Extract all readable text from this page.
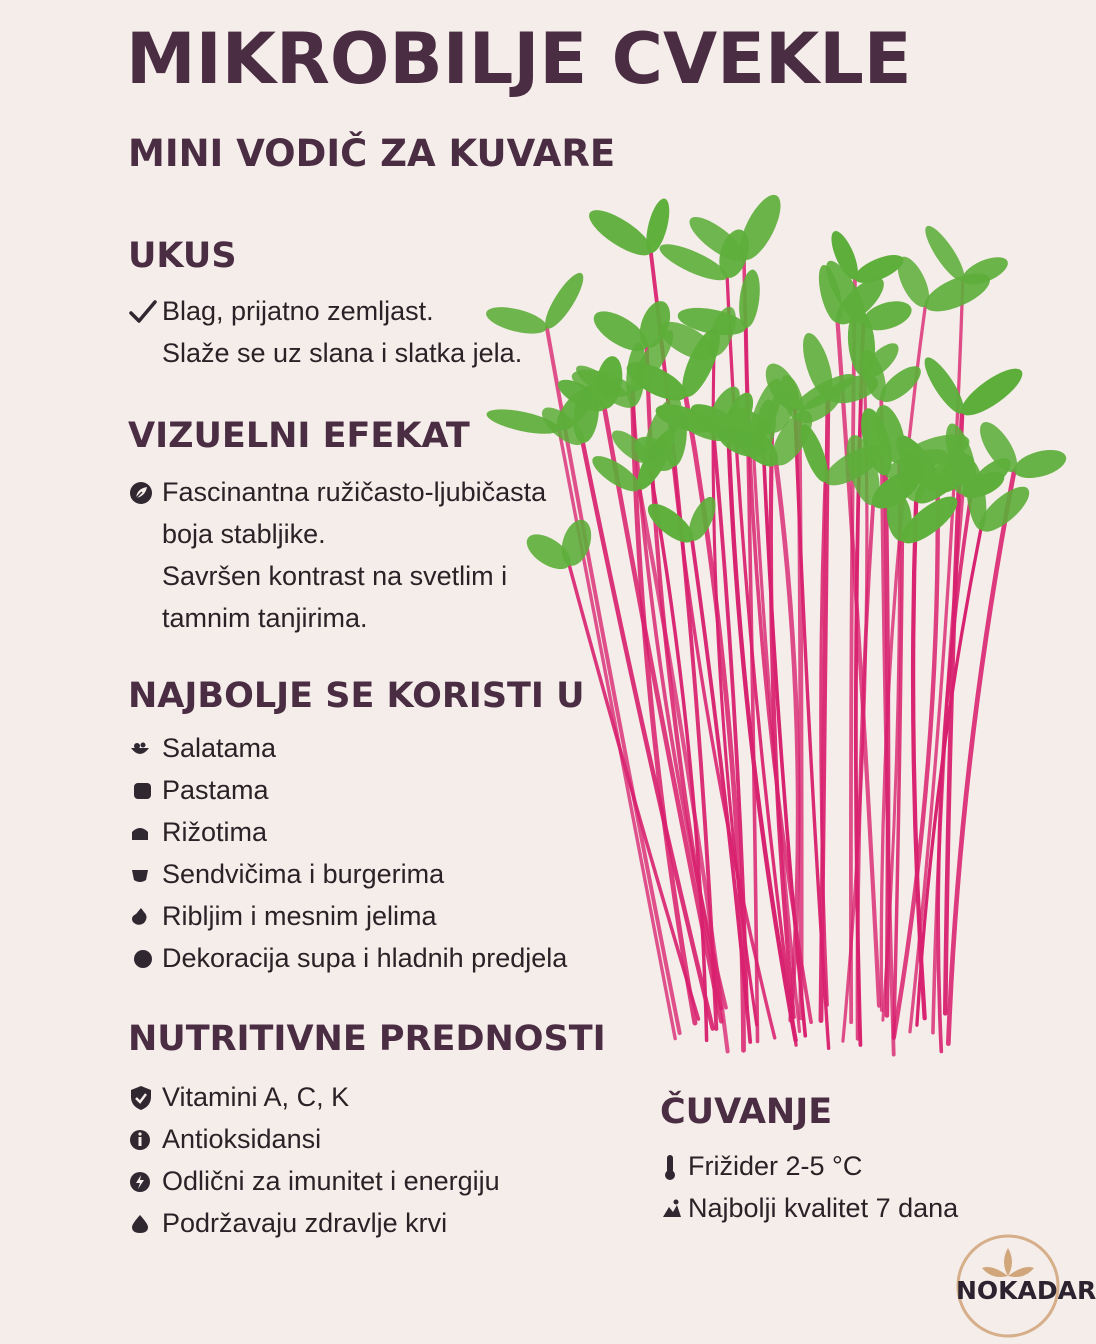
MIKROBILJE CVEKLE
MINI VODIČ ZA KUVARE
UKUS
Blag, prijatno zemljast.
Slaže se uz slana i slatka jela.
VIZUELNI EFEKAT
Fascinantna ružičasto-ljubičasta
boja stabljike.
Savršen kontrast na svetlim i
tamnim tanjirima.
NAJBOLJE SE KORISTI U
Salatama
Pastama
Rižotima
Sendvičima i burgerima
Ribljim i mesnim jelima
Dekoracija supa i hladnih predjela
NUTRITIVNE PREDNOSTI
Vitamini A, C, K
Antioksidansi
Odlični za imunitet i energiju
Podržavaju zdravlje krvi
ČUVANJE
Frižider 2-5 °C
Najbolji kvalitet 7 dana
NOKADAR
